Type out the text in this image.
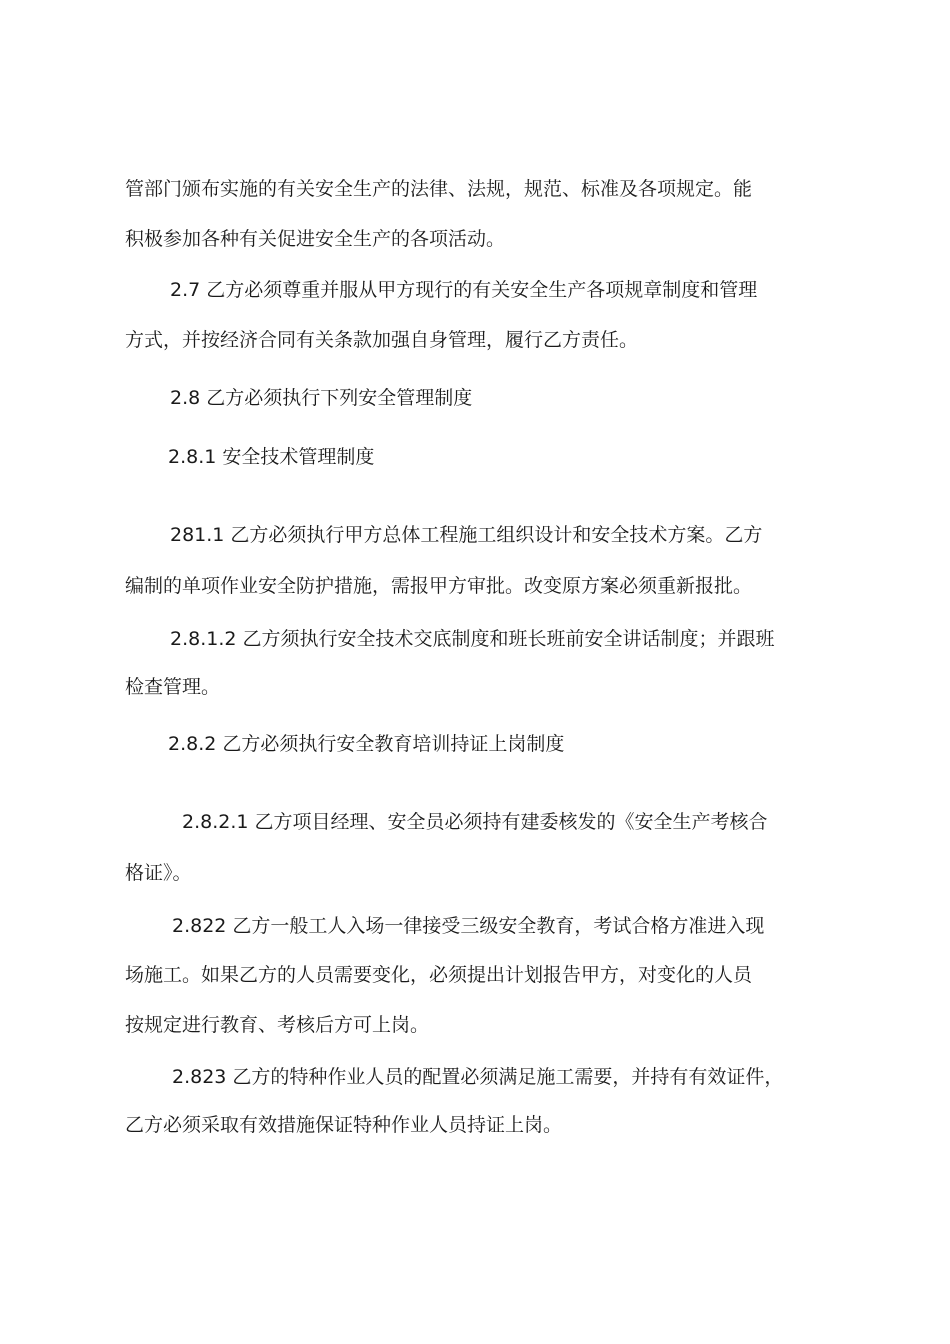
管部门颁布实施的有关安全生产的法律、法规，规范、标准及各项规定。能
积极参加各种有关促进安全生产的各项活动。
2.7 乙方必须尊重并服从甲方现行的有关安全生产各项规章制度和管理
方式，并按经济合同有关条款加强自身管理，履行乙方责任。
2.8 乙方必须执行下列安全管理制度
2.8.1 安全技术管理制度
281.1 乙方必须执行甲方总体工程施工组织设计和安全技术方案。乙方
编制的单项作业安全防护措施，需报甲方审批。改变原方案必须重新报批。
2.8.1.2 乙方须执行安全技术交底制度和班长班前安全讲话制度；并跟班
检查管理。
2.8.2 乙方必须执行安全教育培训持证上岗制度
2.8.2.1 乙方项目经理、安全员必须持有建委核发的《安全生产考核合
格证》。
2.822 乙方一般工人入场一律接受三级安全教育，考试合格方准进入现
场施工。如果乙方的人员需要变化，必须提出计划报告甲方，对变化的人员
按规定进行教育、考核后方可上岗。
2.823 乙方的特种作业人员的配置必须满足施工需要，并持有有效证件，
乙方必须采取有效措施保证特种作业人员持证上岗。
